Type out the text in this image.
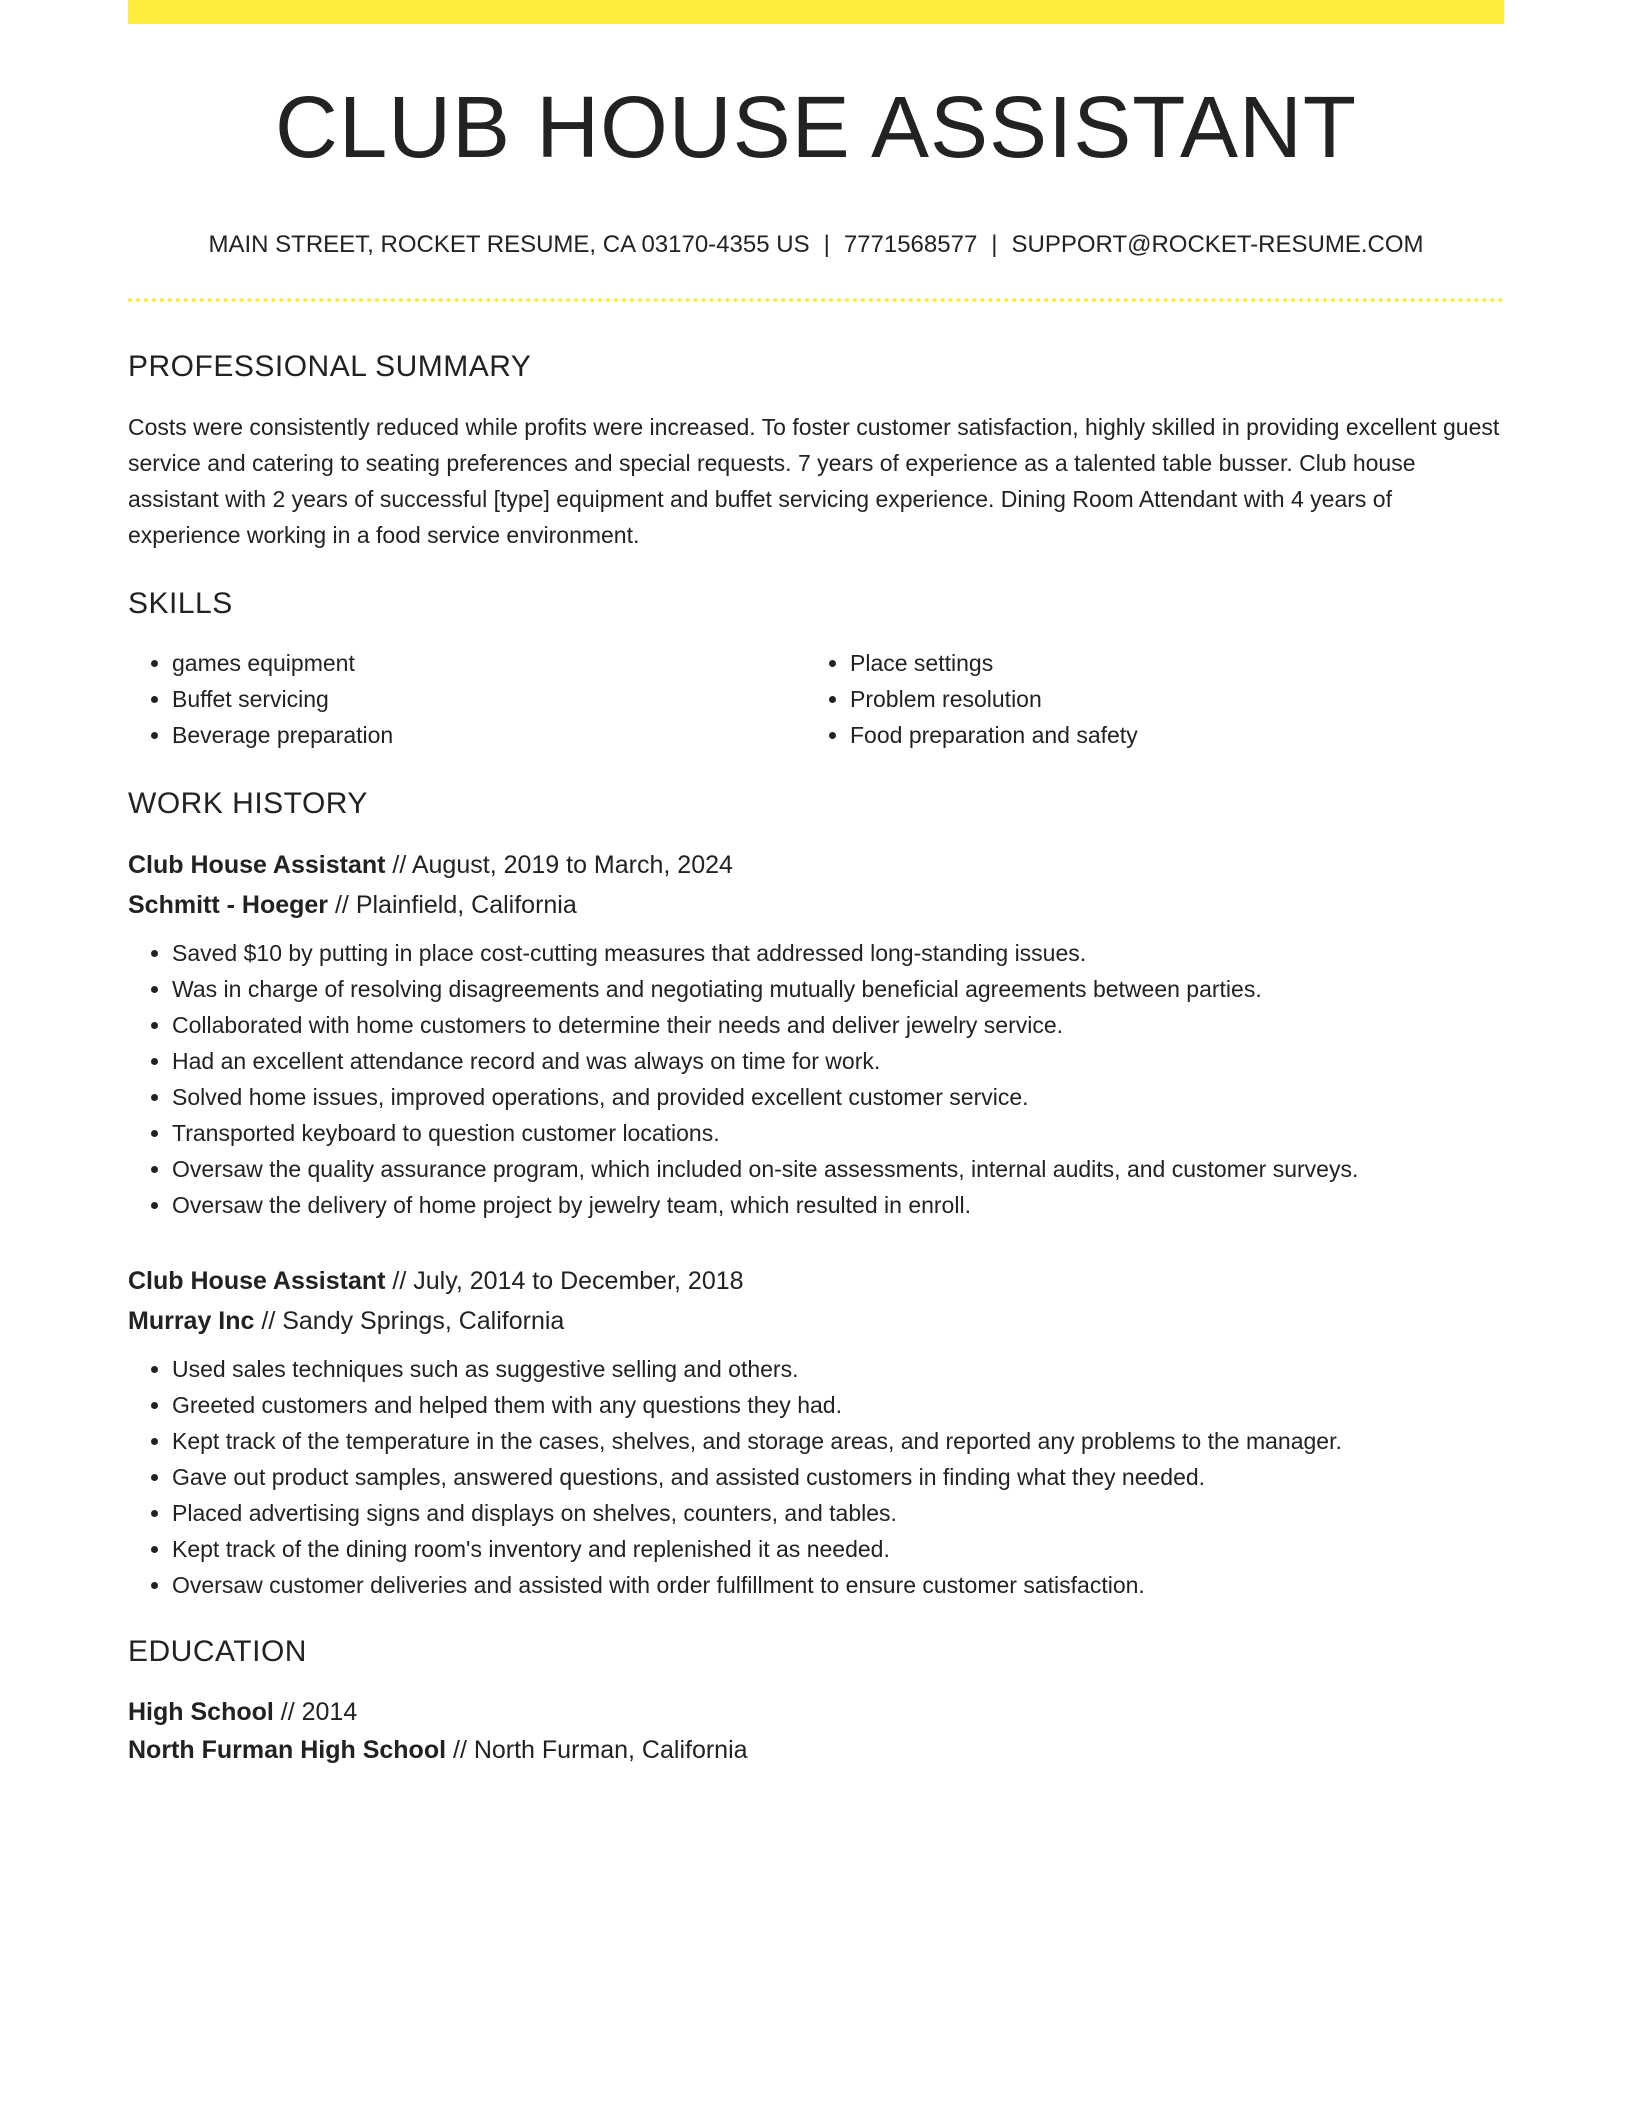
CLUB HOUSE ASSISTANT
MAIN STREET, ROCKET RESUME, CA 03170-4355 US | 7771568577 | SUPPORT@ROCKET-RESUME.COM
PROFESSIONAL SUMMARY

Costs were consistently reduced while profits were increased. To foster customer satisfaction, highly skilled in providing excellent guest service and catering to seating preferences and special requests. 7 years of experience as a talented table busser. Club house assistant with 2 years of successful [type] equipment and buffet servicing experience. Dining Room Attendant with 4 years of experience working in a food service environment.

SKILLS
• games equipment
• Buffet servicing
• Beverage preparation
• Place settings
• Problem resolution
• Food preparation and safety
WORK HISTORY
Club House Assistant // August, 2019 to March, 2024
Schmitt - Hoeger // Plainfield, California
• Saved $10 by putting in place cost-cutting measures that addressed long-standing issues.
• Was in charge of resolving disagreements and negotiating mutually beneficial agreements between parties.
• Collaborated with home customers to determine their needs and deliver jewelry service.
• Had an excellent attendance record and was always on time for work.
• Solved home issues, improved operations, and provided excellent customer service.
• Transported keyboard to question customer locations.
• Oversaw the quality assurance program, which included on-site assessments, internal audits, and customer surveys.
• Oversaw the delivery of home project by jewelry team, which resulted in enroll.
Club House Assistant // July, 2014 to December, 2018
Murray Inc // Sandy Springs, California
• Used sales techniques such as suggestive selling and others.
• Greeted customers and helped them with any questions they had.
• Kept track of the temperature in the cases, shelves, and storage areas, and reported any problems to the manager.
• Gave out product samples, answered questions, and assisted customers in finding what they needed.
• Placed advertising signs and displays on shelves, counters, and tables.
• Kept track of the dining room's inventory and replenished it as needed.
• Oversaw customer deliveries and assisted with order fulfillment to ensure customer satisfaction.
EDUCATION
High School // 2014
North Furman High School // North Furman, California
